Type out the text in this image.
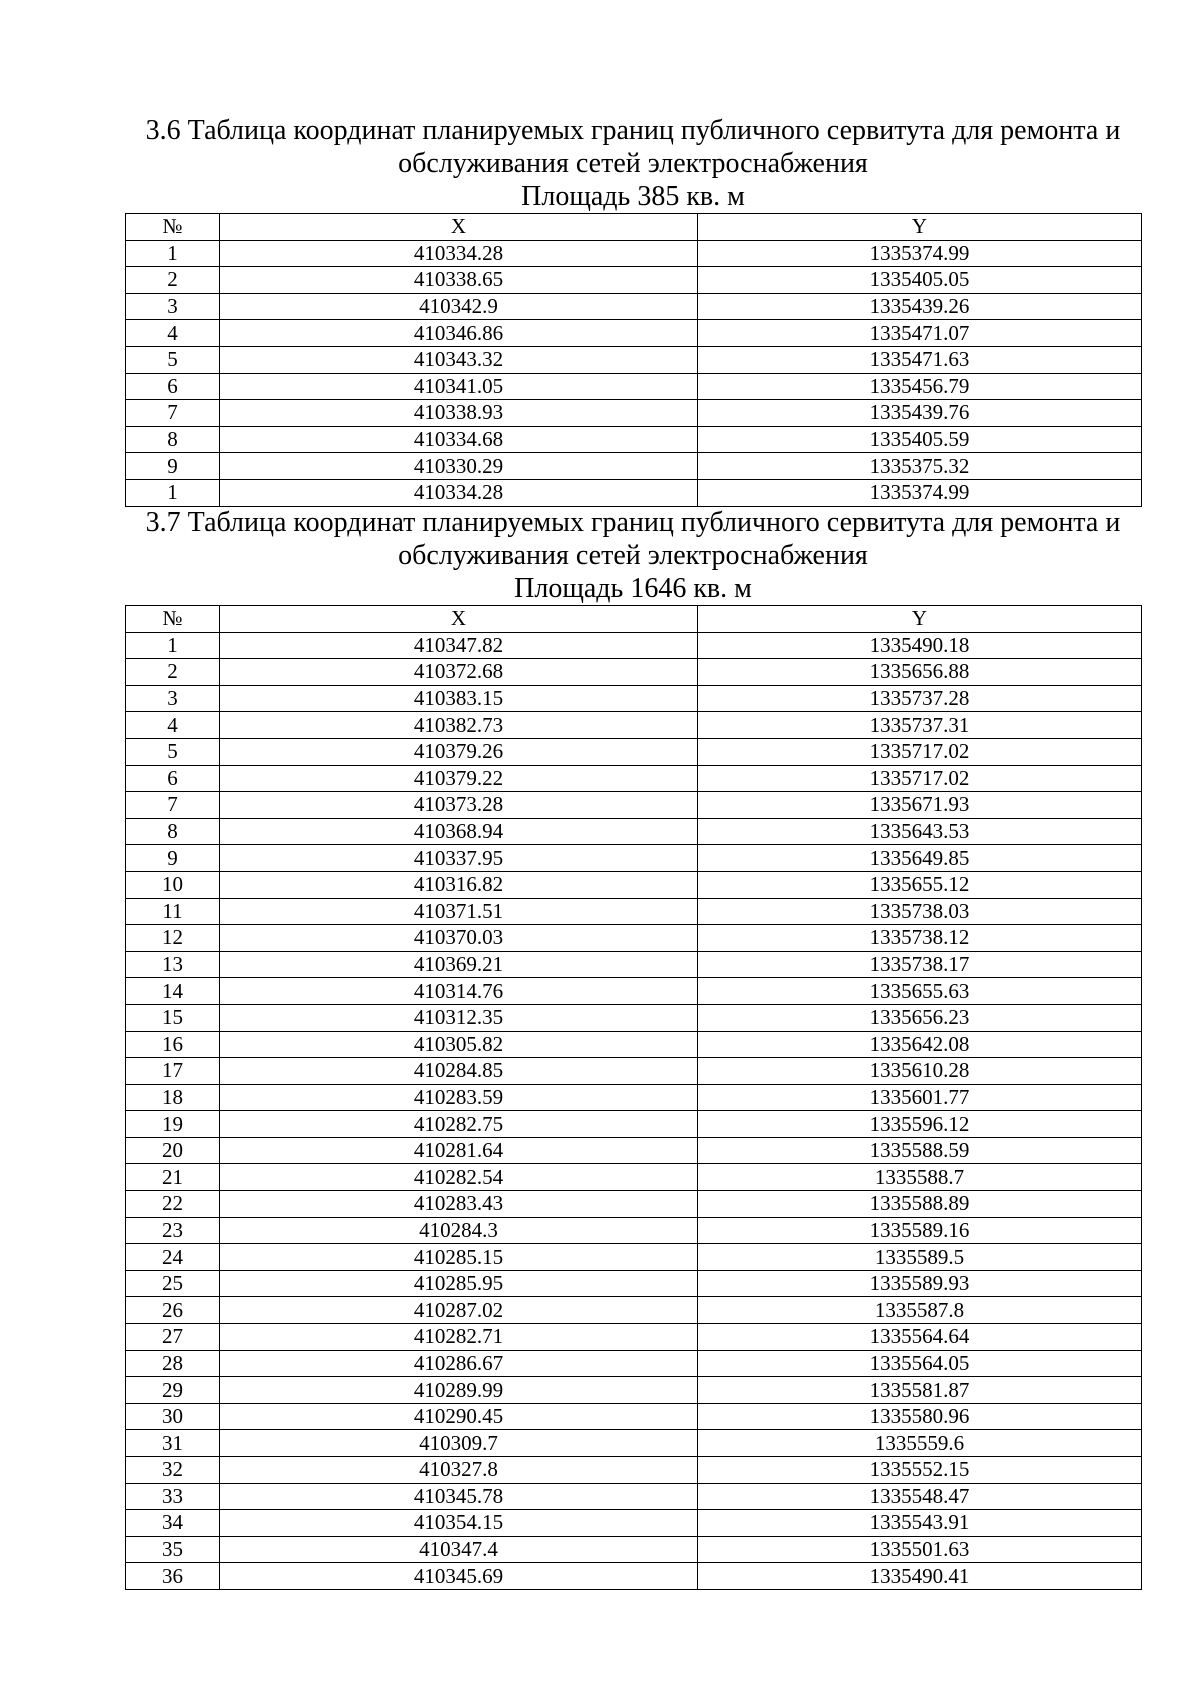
3.6 Таблица координат планируемых границ публичного сервитута для ремонта и

обслуживания сетей электроснабжения

Площадь 385 кв. м

№	X	Y
1	410334.28	1335374.99
2	410338.65	1335405.05
3	410342.9	1335439.26
4	410346.86	1335471.07
5	410343.32	1335471.63
6	410341.05	1335456.79
7	410338.93	1335439.76
8	410334.68	1335405.59
9	410330.29	1335375.32
1	410334.28	1335374.99

3.7 Таблица координат планируемых границ публичного сервитута для ремонта и

обслуживания сетей электроснабжения

Площадь 1646 кв. м

№	X	Y
1	410347.82	1335490.18
2	410372.68	1335656.88
3	410383.15	1335737.28
4	410382.73	1335737.31
5	410379.26	1335717.02
6	410379.22	1335717.02
7	410373.28	1335671.93
8	410368.94	1335643.53
9	410337.95	1335649.85
10	410316.82	1335655.12
11	410371.51	1335738.03
12	410370.03	1335738.12
13	410369.21	1335738.17
14	410314.76	1335655.63
15	410312.35	1335656.23
16	410305.82	1335642.08
17	410284.85	1335610.28
18	410283.59	1335601.77
19	410282.75	1335596.12
20	410281.64	1335588.59
21	410282.54	1335588.7
22	410283.43	1335588.89
23	410284.3	1335589.16
24	410285.15	1335589.5
25	410285.95	1335589.93
26	410287.02	1335587.8
27	410282.71	1335564.64
28	410286.67	1335564.05
29	410289.99	1335581.87
30	410290.45	1335580.96
31	410309.7	1335559.6
32	410327.8	1335552.15
33	410345.78	1335548.47
34	410354.15	1335543.91
35	410347.4	1335501.63
36	410345.69	1335490.41
